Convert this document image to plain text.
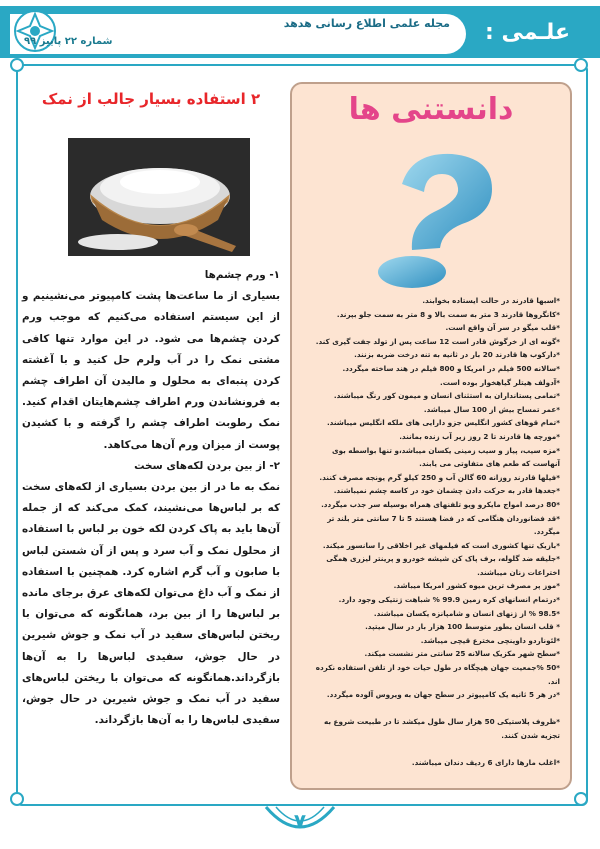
مجله علمی اطلاع رسانی هدهد
شماره ۲۲ پاییز ۹۹	علـمی :
دانستنی ها

*اسبها قادرند در حالت ایستاده بخوابند.

*کانگروها قادرند 3 متر به سمت بالا و 8 متر به سمت جلو بپرند.

*قلب میگو در سر آن واقع است.

*گونه ای از خرگوش قادر است 12 ساعت پس از تولد جفت گیری کند.

*دارکوب ها قادرند 20 بار در ثانیه به تنه درخت ضربه بزنند.

*سالانه 500 فیلم در امریکا و 800 فیلم در هند ساخته میگردد.

*آدولف هیتلر گیاهخوار بوده است.

*تمامی پستانداران به استثنای انسان و میمون کور رنگ میباشند.

*عمر تمساح بیش از 100 سال میباشد.

*تمام قوهای کشور انگلیس جزو دارایی های ملکه انگلیس میباشند.

*مورچه ها قادرند تا 2 روز زیر آب زنده بمانند.

*مزه سیب، پیاز و سیب زمینی یکسان میباشد،و تنها بواسطه بوی آنهاست که طعم های متفاوتی می یابند.

*فیلها قادرند روزانه 60 گالن آب و 250 کیلو گرم یونجه مصرف کنند.

*جغدها قادر به حرکت دادن چشمان خود در کاسه چشم نمیباشند.

*80 درصد امواج مایکرو ویو تلفنهای همراه بوسیله سر جذب میگردد.

*قد فضانوردان هنگامی که در فضا هستند 5 تا 7 سانتی متر بلند تر میگردد.

*بازیک تنها کشوری است که فیلمهای غیر اخلاقی را سانسور میکند.

*جلیقه ضد گلوله، برف پاک کن شیشه خودرو و پرینتر لیزری همگی اختراعات زنان میباشند.

*موز پر مصرف ترین میوه کشور امریکا میباشد.

*درتمام انسانهای کره زمین 99.9 % شباهت ژنتیکی وجود دارد.

*98.5 % از ژنهای انسان و شامپانزه یکسان میباشند.

* قلب انسان بطور متوسط 100 هزار بار در سال میتپد.

*لئوناردو داوینچی مخترع قیچی میباشد.

*سطح شهر مکزیک سالانه 25 سانتی متر نشست میکند.

*50 %جمعیت جهان هیچگاه در طول حیات خود از تلفن استفاده نکرده اند.

*در هر 5 ثانیه یک کامپیوتر در سطح جهان به ویروس آلوده میگردد.

*ظروف پلاستیکی 50 هزار سال طول میکشد تا در طبیعت شروع به تجزیه شدن کنند.

*اغلب مارها دارای 6 ردیف دندان میباشند.

۲ استفاده بسیار جالب از نمک

۱- ورم چشم‌ها

بسیاری از ما ساعت‌ها پشت کامپیوتر می‌نشینیم و از این سیستم استفاده می‌کنیم که موجب ورم کردن چشم‌ها می شود. در این موارد تنها کافی مشتی نمک را در آب ولرم حل کنید و با آغشته کردن پنبه‌ای به محلول و مالیدن آن اطراف چشم به فرونشاندن ورم اطراف چشم‌هایتان اقدام کنید. نمک رطوبت اطراف چشم را گرفته و با کشیدن پوست از میزان ورم آن‌ها می‌کاهد.

۲- از بین بردن لکه‌های سخت

نمک به ما در از بین بردن بسیاری از لکه‌های سخت که بر لباس‌ها می‌نشیند، کمک می‌کند که از جمله آن‌ها باید به پاک کردن لکه خون بر لباس با استفاده از محلول نمک و آب سرد و پس از آن شستن لباس با صابون و آب گرم اشاره کرد. همچنین با استفاده از نمک و آب داغ می‌توان لکه‌های عرق برجای مانده بر لباس‌ها را از بین برد، همانگونه که می‌توان با ریختن لباس‌های سفید در آب نمک و جوش شیرین در حال جوش، سفیدی لباس‌ها را به آن‌ها بازگرداند.همانگونه که می‌توان با ریختن لباس‌های سفید در آب نمک و جوش شیرین در حال جوش، سفیدی لباس‌ها را به آن‌ها بازگرداند.

۷
